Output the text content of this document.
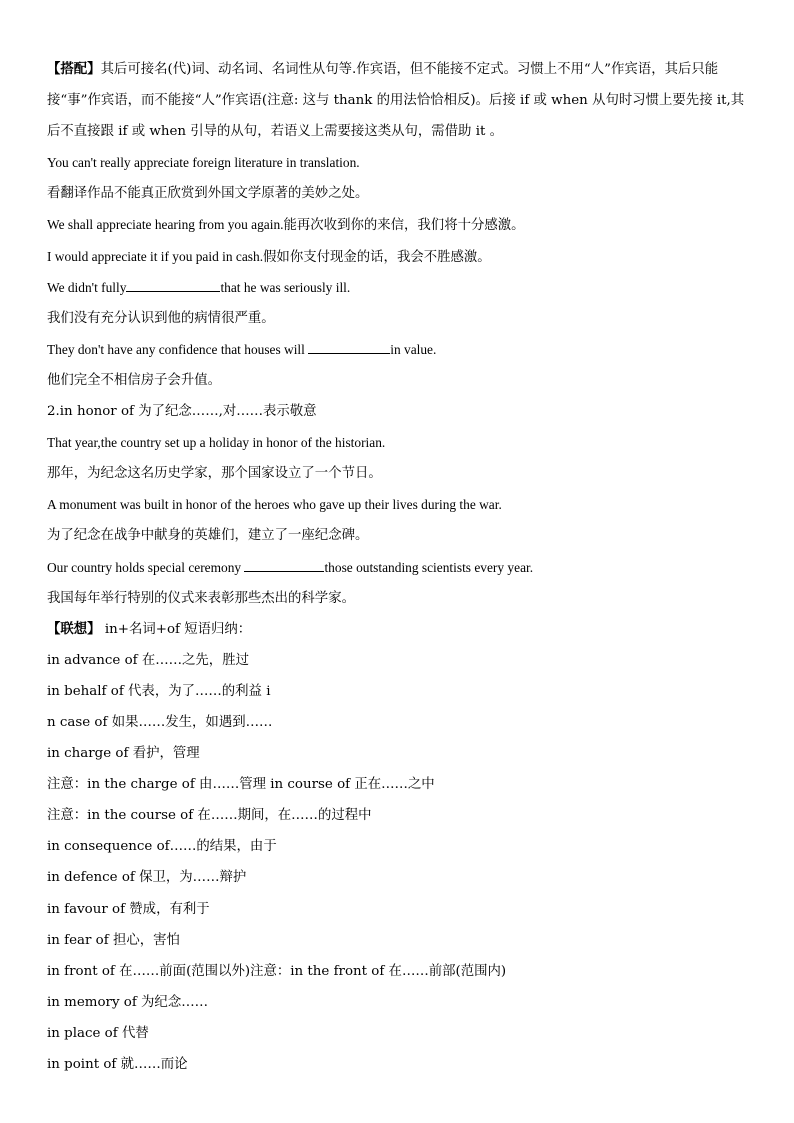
【搭配】其后可接名(代)词、动名词、名词性从句等.作宾语，但不能接不定式。习惯上不用“人”作宾语，其后只能接“事”作宾语，而不能接“人”作宾语(注意: 这与 thank 的用法恰恰相反)。后接 if 或 when 从句时习惯上要先接 it,其后不直接跟 if 或 when 引导的从句，若语义上需要接这类从句，需借助 it 。

You can't really appreciate foreign literature in translation.

看翻译作品不能真正欣赏到外国文学原著的美妙之处。

We shall appreciate hearing from you again.能再次收到你的来信，我们将十分感激。

I would appreciate it if you paid in cash.假如你支付现金的话，我会不胜感激。

We didn't fully	that he was seriously ill.

我们没有充分认识到他的病情很严重。

They don't have any confidence that houses will	in value.

他们完全不相信房子会升值。

2.in honor of 为了纪念……,对……表示敬意

That year,the country set up a holiday in honor of the historian.

那年，为纪念这名历史学家，那个国家设立了一个节日。

A monument was built in honor of the heroes who gave up their lives during the war.

为了纪念在战争中献身的英雄们，建立了一座纪念碑。

Our country holds special ceremony	those outstanding scientists every year.

我国每年举行特别的仪式来表彰那些杰出的科学家。

【联想】 in+名词+of 短语归纳：

in advance of 在……之先，胜过

in behalf of 代表，为了……的利益 i

n case of 如果……发生，如遇到……

in charge of 看护，管理

注意：in the charge of 由……管理 in course of 正在……之中

注意：in the course of 在……期间，在……的过程中

in consequence of……的结果，由于

in defence of 保卫，为……辩护

in favour of 赞成，有利于

in fear of 担心，害怕

in front of 在……前面(范围以外)注意：in the front of 在……前部(范围内)

in memory of 为纪念……

in place of 代替

in point of 就……而论
